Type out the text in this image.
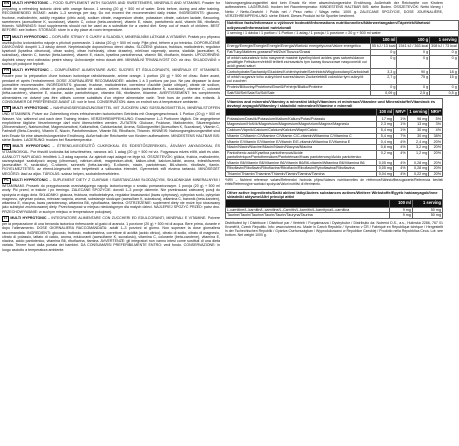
EN MULTI HYPROTONIC – FOOD SUPPLEMENT WITH SUGARS AND SWEETENERS, MINERALS AND VITAMINS. Powder for preparing a refreshing isotonic drink with orange flavour. 1 serving (20 g) + 500 ml of water. Drink before, during and after training. RECOMMENDED INTAKE: adults 1–3 servings per day. Do not exceed the recommended daily intake. INGREDIENTS: glucose, fructose, maltodextrin, acidity regulator (citric acid), sodium citrate, magnesium citrate, potassium citrate, calcium lactate, flavouring, sweeteners (acesulfame K, sucralose), vitamin C, colour (beta-carotene), vitamin E, niacin, pantothenic acid, vitamin B6, riboflavin, thiamin. WARNINGS: food supplements should not be used as a substitute for a varied diet. Keep out of reach of children. BEST BEFORE: see bottom. STORAGE: store in a dry place at room temperature.
CZ MULTI HYPROTONIC – DOPLNĚK STRAVY S CUKRY A SLADIDLY, MINERÁLNÍMI LÁTKAMI A VITAMÍNY. Prášek pro přípravu osvěžujícího izotonického nápoje s příchutí pomeranče. 1 dávka (20 g) + 500 ml vody. Pijte před, během a po tréninku. DOPORUČENÉ DÁVKOVÁNÍ: dospělí 1–3 dávky denně. Nepřekračujte doporučenou denní dávku. SLOŽENÍ: glukóza, fruktóza, maltodextrin, regulátor kyselosti (kyselina citronová), citran sodný, citran hořečnatý, citran draselný, mléčnan vápenatý, aroma, sladidla (acesulfam K, sukralóza), vitamín C, barvivo (beta-karoten), vitamín E, niacin, kyselina pantothenová, vitamín B6, riboflavin, thiamin. UPOZORNĚNÍ: doplněk stravy není náhradou pestré stravy. Uchovávejte mimo dosah dětí. MINIMÁLNÍ TRVANLIVOST DO: viz dno. SKLADOVÁNÍ: v suchu při pokojové teplotě.
FR MULTI HYPROTONIC – COMPLÉMENT ALIMENTAIRE AVEC SUCRES ET ÉDULCORANTS, MINÉRAUX ET VITAMINES. Poudre pour la préparation d’une boisson isotonique rafraîchissante, arôme orange. 1 portion (20 g) + 500 ml d’eau. Boire avant, pendant et après l’entraînement. DOSE JOURNALIÈRE RECOMMANDÉE: adultes 1 à 3 portions par jour. Ne pas dépasser la dose journalière recommandée. INGRÉDIENTS: glucose, fructose, maltodextrine, correcteur d’acidité (acide citrique), citrate de sodium, citrate de magnésium, citrate de potassium, lactate de calcium, arôme, édulcorants (acésulfame K, sucralose), vitamine C, colorant (bêta-carotène), vitamine E, niacine, acide pantothénique, vitamine B6, riboflavine, thiamine. AVERTISSEMENT: les compléments alimentaires ne doivent pas être utilisés comme substituts d’un régime alimentaire varié. Tenir hors de portée des enfants. À CONSOMMER DE PRÉFÉRENCE AVANT LE: voir le fond. CONSERVATION: dans un endroit sec à température ambiante.
DE MULTI HYPROTONIC – NAHRUNGSERGÄNZUNGSMITTEL MIT ZUCKERN UND SÜSSUNGSMITTELN, MINERALSTOFFEN UND VITAMINEN. Pulver zur Zubereitung eines erfrischenden isotonischen Getränks mit Orangengeschmack. 1 Portion (20 g) + 500 ml Wasser. Vor, während und nach dem Training trinken. VERZEHREMPFEHLUNG: Erwachsene 1–3 Portionen täglich. Die angegebene empfohlene tägliche Verzehrmenge darf nicht überschritten werden. ZUTATEN: Glukose, Fruktose, Maltodextrin, Säureregulator (Zitronensäure), Natriumcitrat, Magnesiumcitrat, Kaliumcitrat, Calciumlactat, Aroma, Süßungsmittel (Acesulfam K, Sucralose), Vitamin C, Farbstoff (Beta-Carotin), Vitamin E, Niacin, Pantothensäure, Vitamin B6, Riboflavin, Thiamin. HINWEIS: Nahrungsergänzungsmittel sind kein Ersatz für eine abwechslungsreiche Ernährung. Außerhalb der Reichweite von Kindern aufbewahren. MINDESTENS HALTBAR BIS: siehe Boden. LAGERUNG: trocken bei Raumtemperatur.
HU MULTI HYPROTONIC – ÉTREND-KIEGÉSZÍTŐ CUKROKKAL ÉS ÉDESÍTŐSZEREKKEL, ÁSVÁNYI ANYAGOKKAL ÉS VITAMINOKKAL. Por frissítő izotóniás ital készítéséhez, narancs ízű. 1 adag (20 g) + 500 ml víz. Fogyassza edzés előtt, alatt és után. AJÁNLOTT NAPI ADAG: felnőttek 1–3 adag naponta. Az ajánlott napi adagot ne lépje túl. ÖSSZETEVŐK: glükóz, fruktóz, maltodextrin, savanyúságot szabályozó anyag (citromsav), nátrium-citrát, magnézium-citrát, kálium-citrát, kalcium-laktát, aroma, édesítőszerek (aceszulfám K, szukralóz), C-vitamin, színezék (béta-karotin), E-vitamin, niacin, pantoténsav, B6-vitamin, riboflavin, tiamin. FIGYELMEZTETÉS: az étrend-kiegészítő nem helyettesíti a változatos étrendet. Gyermekek elől elzárva tartandó. MINŐSÉGÉT MEGŐRZI: lásd az alján. TÁROLÁS: száraz helyen, szobahőmérsékleten.
PL MULTI HYPROTONIC – SUPLEMENT DIETY Z CUKRAMI I SUBSTANCJAMI SŁODZĄCYMI, SKŁADNIKAMI MINERALNYMI I WITAMINAMI. Proszek do przygotowania orzeźwiającego napoju izotonicznego o smaku pomarańczowym. 1 porcja (20 g) + 500 ml wody. Pić przed, w trakcie i po treningu. ZALECANE SPOŻYCIE: dorośli 1–3 porcje dziennie. Nie przekraczać zalecanej porcji do spożycia w ciągu dnia. SKŁADNIKI: glukoza, fruktoza, maltodekstryna, regulator kwasowości (kwas cytrynowy), cytrynian sodu, cytrynian magnezu, cytrynian potasu, mleczan wapnia, aromat, substancje słodzące (acesulfam K, sukraloza), witamina C, barwnik (beta-karoten), witamina E, niacyna, kwas pantotenowy, witamina B6, ryboflawina, tiamina. OSTRZEŻENIE: suplement diety nie może być stosowany jako substytut zróżnicowanej diety. Przechowywać w miejscu niedostępnym dla małych dzieci. NAJLEPIEJ SPOŻYĆ PRZED: patrz dno. PRZECHOWYWANIE: w suchym miejscu w temperaturze pokojowej.
IT MULTI HYPROTONIC – INTEGRATORE ALIMENTARE CON ZUCCHERI ED EDULCORANTI, MINERALI E VITAMINE. Polvere per la preparazione di una bevanda isotonica rinfrescante al gusto di arancia. 1 porzione (20 g) + 500 ml di acqua. Bere prima, durante e dopo l’allenamento. DOSE GIORNALIERA RACCOMANDATA: adulti 1–3 porzioni al giorno. Non superare la dose giornaliera raccomandata. INGREDIENTI: glucosio, fruttosio, maltodestrina, correttore di acidità (acido citrico), citrato di sodio, citrato di magnesio, citrato di potassio, lattato di calcio, aroma, edulcoranti (acesulfame K, sucralosio), vitamina C, colorante (beta-carotene), vitamina E, niacina, acido pantotenico, vitamina B6, riboflavina, tiamina. AVVERTENZE: gli integratori non vanno intesi come sostituti di una dieta variata. Tenere fuori dalla portata dei bambini. DA CONSUMARSI PREFERIBILMENTE ENTRO: vedi fondo. CONSERVAZIONE: in luogo asciutto a temperatura ambiente.
Nahrungsergänzungsmittel sind kein Ersatz für eine abwechslungsreiche Ernährung. Außerhalb der Reichweite von Kindern aufbewahren. LAGERUNG: trocken bei Raumtemperatur. MINDESTENS HALTBAR BIS: siehe Boden. ÖSSZETEVŐK: Nettó tömeg / Netto / Netto-Gewicht / Poids net / Peso netto / Waga netto: 1000 g. ZALECANE SPOŻYCIE, DOSE JOURNALIÈRE, VERZEHREMPFEHLUNG: siehe Etikett. Dieses Produkt ist für Sportler bestimmt.
Nutrition facts/Informace o výživové hodnotě/Informations nutritionnelles/Nährwertangaben/Tápérték/Wartość odżywcza/Informazioni nutrizionali			
1 serving / 1 dávka / 1 portion / 1 Portion / 1 adag / 1 porcja / 1 porzione = 20 g + 500 ml water			
	100 ml	100 g	1 serving
Energy/Energie/Énergie/Energie/Energia/Wartość energetyczna/Valore energetico	55 kJ / 13 kcal	1541 kJ / 363 kcal	308 kJ / 73 kcal
Fat/Tuky/Matières grasses/Fett/Zsír/Tłuszcz/Grassi	0 g	0 g	0 g
of which saturates/z toho nasycené mastné kyseliny/dont acides gras saturés/davon gesättigte Fettsäuren/ebből telített zsírsavak/w tym kwasy tłuszczowe nasycone/di cui acidi grassi saturi	0 g	0 g	0 g
Carbohydrate/Sacharidy/Glucides/Kohlenhydrate/Szénhidrát/Węglowodany/Carboidrati	3,3 g	90 g	18 g
of which sugars/z toho cukry/dont sucres/davon Zucker/ebből cukrok/w tym cukry/di cui zuccheri	2,7 g	75 g	15 g
Protein/Bílkoviny/Protéines/Eiweiß/Fehérje/Białko/Proteine	0 g	0 g	0 g
Salt/Sůl/Sel/Salz/Só/Sól/Sale	0,09 g	2,5 g	0,5 g
Vitamins and minerals/Vitamíny a minerální látky/Vitamines et minéraux/Vitamine und Mineralstoffe/Vitaminok és ásványi anyagok/Witaminy i składniki mineralne/Vitamine e minerali				
	100 ml	NRV*	1 serving	NRV*
Potassium/Draslík/Potassium/Kalium/Kálium/Potas/Potassio	17 mg	1%	96 mg	5%
Magnesium/Hořčík/Magnésium/Magnesium/Magnézium/Magnez/Magnesio	2,3 mg	1%	13 mg	3%
Calcium/Vápník/Calcium/Calcium/Kalcium/Wapń/Calcio	5,4 mg	1%	30 mg	4%
Vitamin C/Vitamín C/Vitamine C/Vitamin C/C-vitamin/Witamina C/Vitamina C	5,4 mg	7%	30 mg	38%
Vitamin E/Vitamín E/Vitamine E/Vitamin E/E-vitamin/Witamina E/Vitamina E	0,4 mg	4%	2,4 mg	20%
Niacin/Niacin/Niacine/Niacin/Niacin/Niacyna/Niacina	0,6 mg	4%	3,2 mg	20%
Pantothenic acid/Kyselina pantothenová/Acide pantothénique/Pantothensäure/Pantoténsav/Kwas pantotenowy/Acido pantotenico	0,2 mg	4%	1,2 mg	20%
Vitamin B6/Vitamín B6/Vitamine B6/Vitamin B6/B6-vitamin/Witamina B6/Vitamina B6	0,05 mg	4%	0,28 mg	20%
Riboflavin/Riboflavin/Riboflavine/Riboflavin/Riboflavin/Ryboflawina/Riboflavina	0,05 mg	4%	0,28 mg	20%
Thiamin/Thiamin/Thiamine/Thiamin/Tiamin/Tiamina/Tiamina	0,04 mg	4%	0,22 mg	20%
*NRV – Nutrient reference values/Referenční hodnota příjmu/Valeurs nutritionnelles de référence/Nährstoffbezugswerte/Referencia beviteli érték/Referencyjne wartości spożycia/Valori nutritivi di riferimento.
Other active ingredients/Další aktivní látky/Autres substances actives/Weitere Wirkstoffe/Egyéb hatóanyagok/Inne składniki aktywne/Altri principi attivi		
	100 ml	1 serving
L-carnitine/L-karnitin/L-carnitine/L-Carnitin/L-karnitin/L-karnityna/L-carnitina	9 mg	50 mg
Taurine/Taurin/Taurine/Taurin/Taurin/Tauryna/Taurina	9 mg	50 mg
Distributed by / Distribuce / Distribué par / Vertrieb / Forgalmazza / Dystrybutor / Distribuito da: Nutrend D.S., a.s., Hulínská 2286, 767 01 Kroměříž, Czech Republic. Info: www.nutrend.eu. Made in Czech Republic / Vyrobeno v ČR / Fabriqué en République tchèque / Hergestellt in der Tschechischen Republik / Gyártva Csehországban / Wyprodukowano w Republice Czeskiej / Prodotto nella Repubblica Ceca. Lot: see bottom. Net weight 1000 g.
